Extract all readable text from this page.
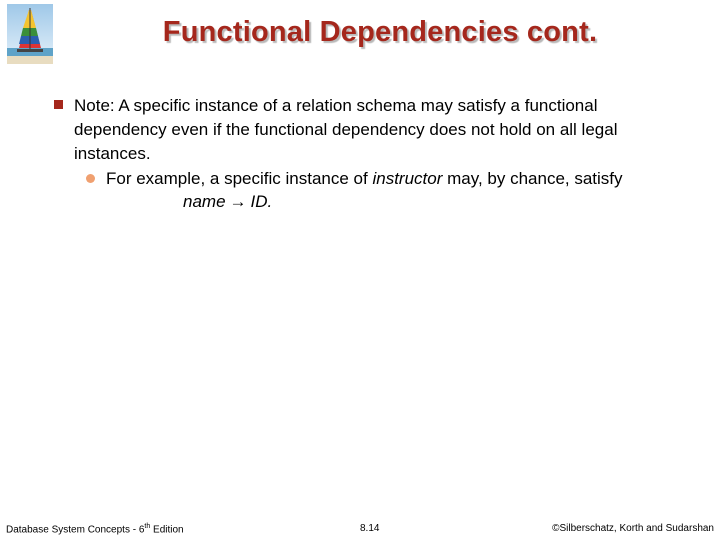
Functional Dependencies cont.
Note: A specific instance of a relation schema may satisfy a functional dependency even if the functional dependency does not hold on all legal instances.
For example, a specific instance of instructor may, by chance, satisfy
name → ID.
Database System Concepts - 6th Edition	8.14	©Silberschatz, Korth and Sudarshan
